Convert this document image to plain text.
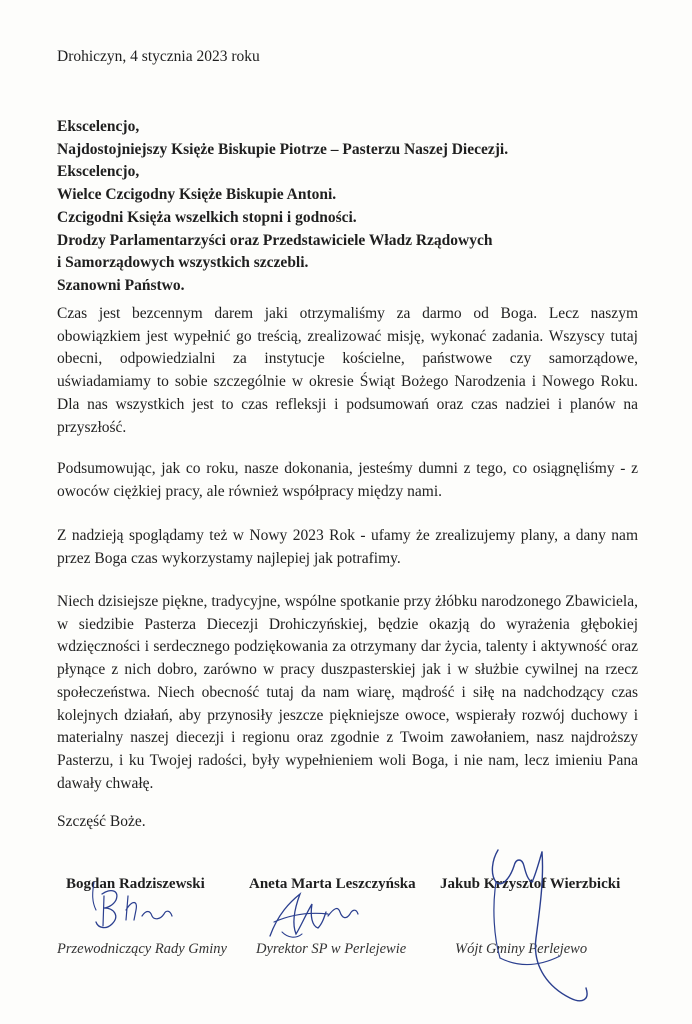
Drohiczyn, 4 stycznia 2023 roku
Ekscelencjo,
Najdostojniejszy Księże Biskupie Piotrze – Pasterzu Naszej Diecezji.
Ekscelencjo,
Wielce Czcigodny Księże Biskupie Antoni.
Czcigodni Księża wszelkich stopni i godności.
Drodzy Parlamentarzyści oraz Przedstawiciele Władz Rządowych
i Samorządowych wszystkich szczebli.
Szanowni Państwo.
Czas jest bezcennym darem jaki otrzymaliśmy za darmo od Boga. Lecz naszym obowiązkiem jest wypełnić go treścią, zrealizować misję, wykonać zadania. Wszyscy tutaj obecni, odpowiedzialni za instytucje kościelne, państwowe czy samorządowe, uświadamiamy to sobie szczególnie w okresie Świąt Bożego Narodzenia i Nowego Roku. Dla nas wszystkich jest to czas refleksji i podsumowań oraz czas nadziei i planów na przyszłość.
Podsumowując, jak co roku, nasze dokonania, jesteśmy dumni z tego, co osiągnęliśmy - z owoców ciężkiej pracy, ale również współpracy między nami.
Z nadzieją spoglądamy też w Nowy 2023 Rok - ufamy że zrealizujemy plany, a dany nam przez Boga czas wykorzystamy najlepiej jak potrafimy.
Niech dzisiejsze piękne, tradycyjne, wspólne spotkanie przy żłóbku narodzonego Zbawiciela, w siedzibie Pasterza Diecezji Drohiczyńskiej, będzie okazją do wyrażenia głębokiej wdzięczności i serdecznego podziękowania za otrzymany dar życia, talenty i aktywność oraz płynące z nich dobro, zarówno w pracy duszpasterskiej jak i w służbie cywilnej na rzecz społeczeństwa. Niech obecność tutaj da nam wiarę, mądrość i siłę na nadchodzący czas kolejnych działań, aby przynosiły jeszcze piękniejsze owoce, wspierały rozwój duchowy i materialny naszej diecezji i regionu oraz zgodnie z Twoim zawołaniem, nasz najdroższy Pasterzu, i ku Twojej radości, były wypełnieniem woli Boga, i nie nam, lecz imieniu Pana dawały chwałę.
Szczęść Boże.
Bogdan Radziszewski	Aneta Marta Leszczyńska Jakub Krzysztof Wierzbicki
Przewodniczący Rady Gminy Dyrektor SP w Perlejewie	Wójt Gminy Perlejewo
